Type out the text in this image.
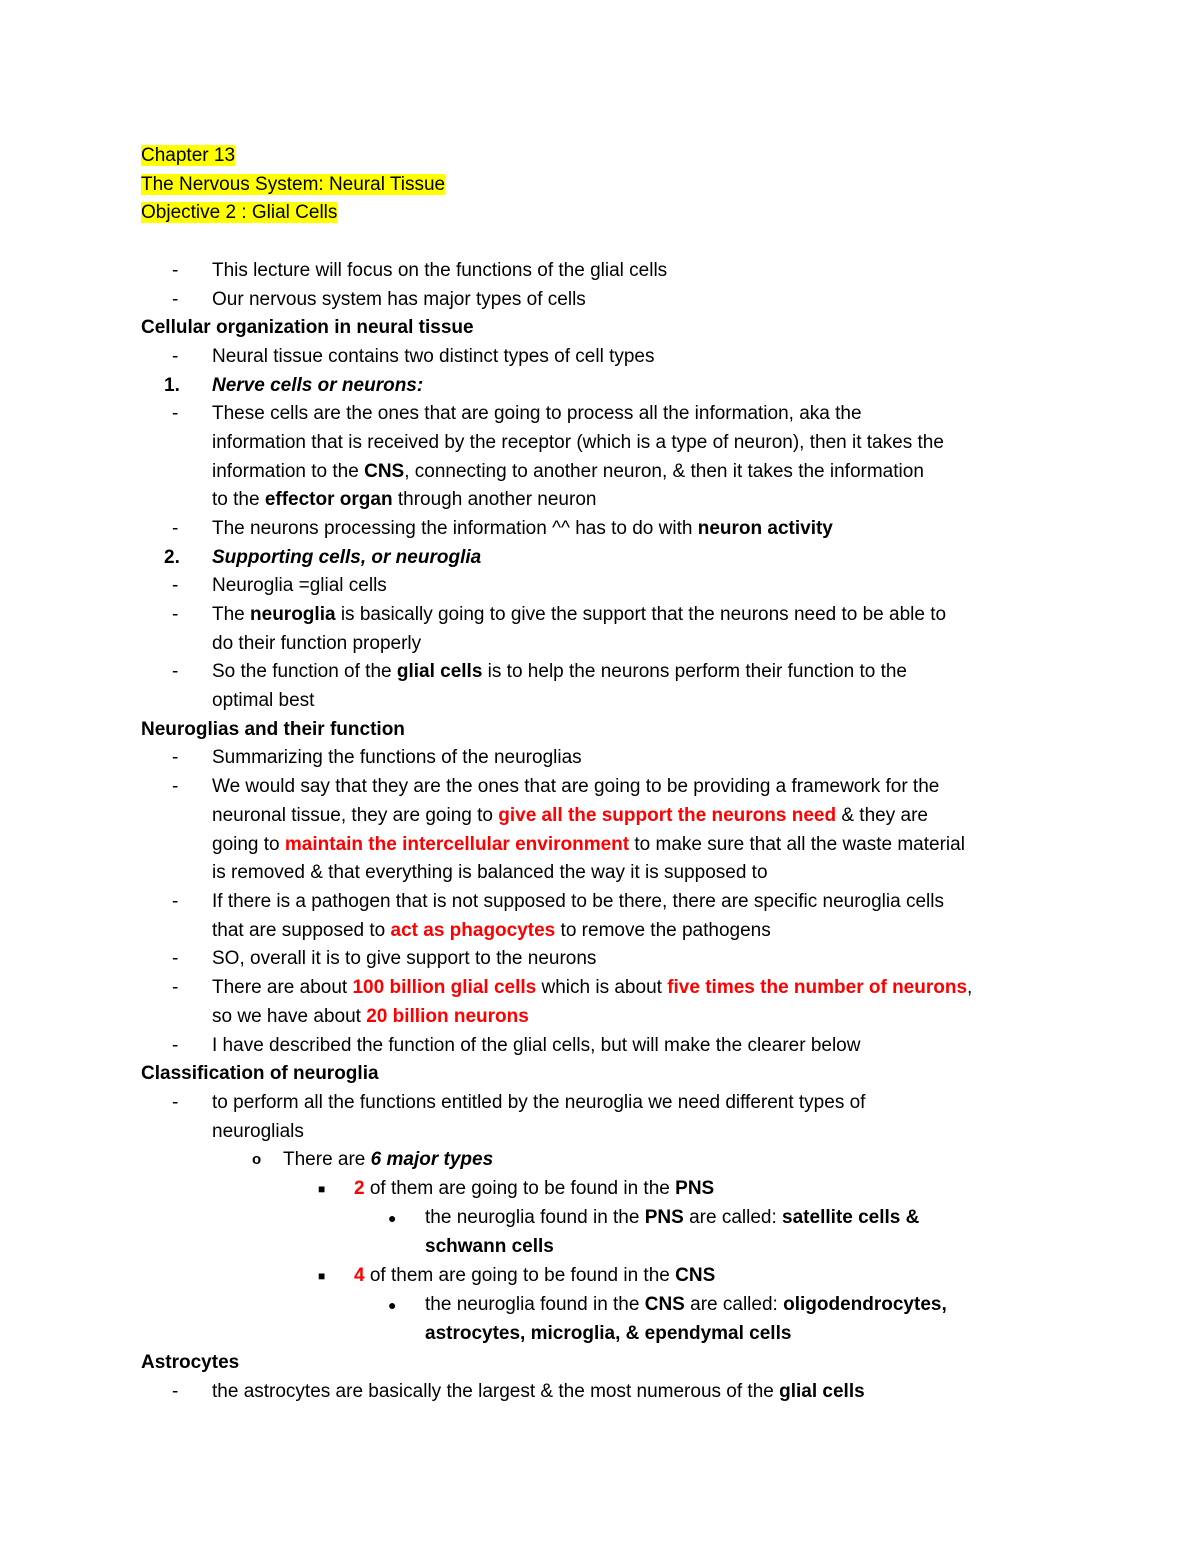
Chapter 13
The Nervous System: Neural Tissue
Objective 2 : Glial Cells
- This lecture will focus on the functions of the glial cells
- Our nervous system has major types of cells
Cellular organization in neural tissue
- Neural tissue contains two distinct types of cell types
1. Nerve cells or neurons:
- These cells are the ones that are going to process all the information, aka the
information that is received by the receptor (which is a type of neuron), then it takes the
information to the CNS, connecting to another neuron, & then it takes the information
to the effector organ through another neuron
- The neurons processing the information ^^ has to do with neuron activity
2. Supporting cells, or neuroglia
- Neuroglia =glial cells
- The neuroglia is basically going to give the support that the neurons need to be able to
do their function properly
- So the function of the glial cells is to help the neurons perform their function to the
optimal best
Neuroglias and their function
- Summarizing the functions of the neuroglias
- We would say that they are the ones that are going to be providing a framework for the
neuronal tissue, they are going to give all the support the neurons need & they are
going to maintain the intercellular environment to make sure that all the waste material
is removed & that everything is balanced the way it is supposed to
- If there is a pathogen that is not supposed to be there, there are specific neuroglia cells
that are supposed to act as phagocytes to remove the pathogens
- SO, overall it is to give support to the neurons
- There are about 100 billion glial cells which is about five times the number of neurons,
so we have about 20 billion neurons
- I have described the function of the glial cells, but will make the clearer below
Classification of neuroglia
- to perform all the functions entitled by the neuroglia we need different types of
neuroglials
o There are 6 major types
■ 2 of them are going to be found in the PNS
● the neuroglia found in the PNS are called: satellite cells &
schwann cells
■ 4 of them are going to be found in the CNS
● the neuroglia found in the CNS are called: oligodendrocytes,
astrocytes, microglia, & ependymal cells
Astrocytes
- the astrocytes are basically the largest & the most numerous of the glial cells
